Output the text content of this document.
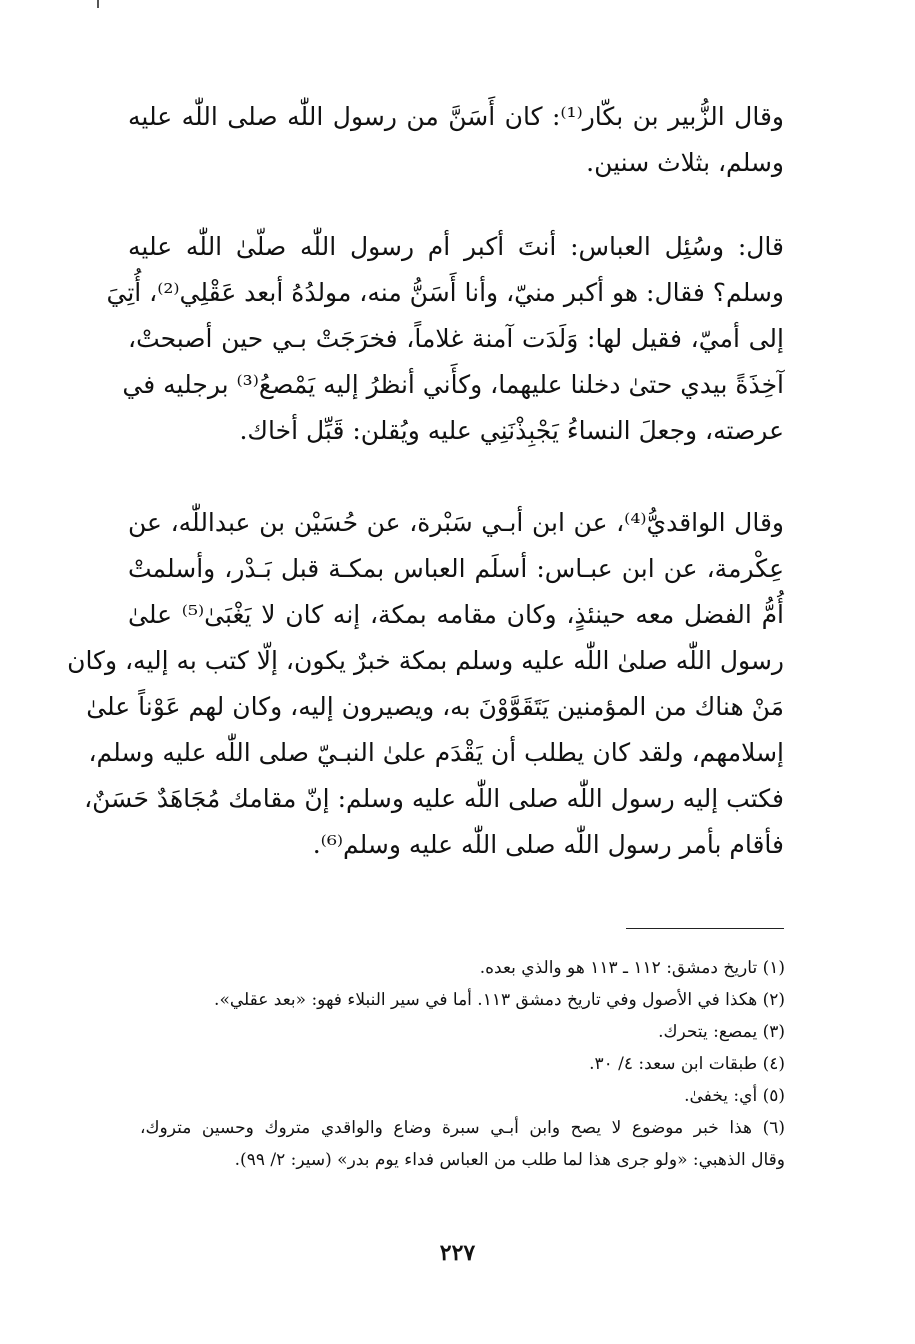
وقال الزُّبير بن بكّار⁽¹⁾: كان أَسَنَّ من رسول اللّٰه صلى اللّٰه عليه
وسلم، بثلاث سنين.
قال: وسُئِل العباس: أنتَ أكبر أم رسول اللّٰه صلّىٰ اللّٰه عليه
وسلم؟ فقال: هو أكبر منيّ، وأنا أَسَنُّ منه، مولدُهُ أبعد عَقْلِي⁽²⁾، أُتِيَ
إلى أميّ، فقيل لها: وَلَدَت آمنة غلاماً، فخرَجَتْ بـي حين أصبحتْ،
آخِذَةً بيدي حتىٰ دخلنا عليهما، وكأَني أنظرُ إليه يَمْصعُ⁽³⁾ برجليه في
عرصته، وجعلَ النساءُ يَجْبِذْنَنِي عليه ويُقلن: قَبِّل أخاك.
وقال الواقديُّ⁽⁴⁾، عن ابن أبـي سَبْرة، عن حُسَيْن بن عبداللّٰه، عن
عِكْرمة، عن ابن عبـاس: أسلَم العباس بمكـة قبل بَـدْر، وأسلمتْ
أُمُّ الفضل معه حينئذٍ، وكان مقامه بمكة، إنه كان لا يَغْبَىٰ⁽⁵⁾ علىٰ
رسول اللّٰه صلىٰ اللّٰه عليه وسلم بمكة خبرٌ يكون، إلّا كتب به إليه، وكان
مَنْ هناك من المؤمنين يَتَقَوَّوْنَ به، ويصيرون إليه، وكان لهم عَوْناً علىٰ
إسلامهم، ولقد كان يطلب أن يَقْدَم علىٰ النبـيّ صلى اللّٰه عليه وسلم،
فكتب إليه رسول اللّٰه صلى اللّٰه عليه وسلم: إنّ مقامك مُجَاهَدٌ حَسَنٌ،
فأقام بأمر رسول اللّٰه صلى اللّٰه عليه وسلم⁽⁶⁾.
(١) تاريخ دمشق: ١١٢ ـ ١١٣ هو والذي بعده.
(٢) هكذا في الأصول وفي تاريخ دمشق ١١٣. أما في سير النبلاء فهو: «بعد عقلي».
(٣) يمصع: يتحرك.
(٤) طبقات ابن سعد: ٤/ ٣٠.
(٥) أي: يخفىٰ.
(٦) هذا خبر موضوع لا يصح وابن أبـي سبرة وضاع والواقدي متروك وحسين متروك،
وقال الذهبي: «ولو جرى هذا لما طلب من العباس فداء يوم بدر» (سير: ٢/ ٩٩).
٢٢٧
